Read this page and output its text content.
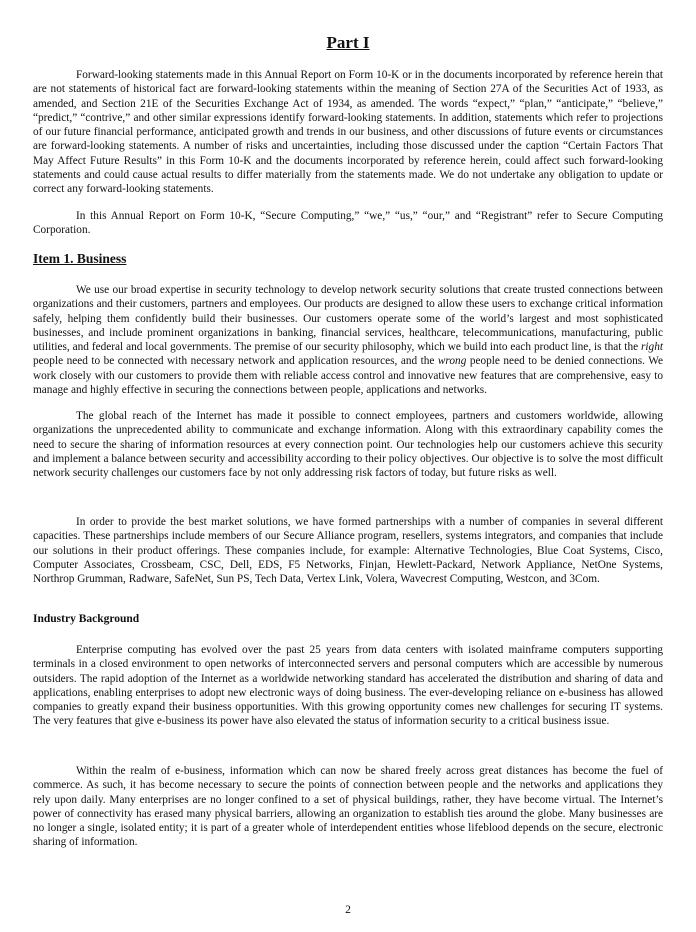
Part I

Forward-looking statements made in this Annual Report on Form 10-K or in the documents incorporated by reference herein that are not statements of historical fact are forward-looking statements within the meaning of Section 27A of the Securities Act of 1933, as amended, and Section 21E of the Securities Exchange Act of 1934, as amended. The words “expect,” “plan,” “anticipate,” “believe,” “predict,” “contrive,” and other similar expressions identify forward-looking statements. In addition, statements which refer to projections of our future financial performance, anticipated growth and trends in our business, and other discussions of future events or circumstances are forward-looking statements. A number of risks and uncertainties, including those discussed under the caption “Certain Factors That May Affect Future Results” in this Form 10-K and the documents incorporated by reference herein, could affect such forward-looking statements and could cause actual results to differ materially from the statements made. We do not undertake any obligation to update or correct any forward-looking statements.

In this Annual Report on Form 10-K, “Secure Computing,” “we,” “us,” “our,” and “Registrant” refer to Secure Computing Corporation.

Item 1. Business

We use our broad expertise in security technology to develop network security solutions that create trusted connections between organizations and their customers, partners and employees. Our products are designed to allow these users to exchange critical information safely, helping them confidently build their businesses. Our customers operate some of the world’s largest and most sophisticated businesses, and include prominent organizations in banking, financial services, healthcare, telecommunications, manufacturing, public utilities, and federal and local governments. The premise of our security philosophy, which we build into each product line, is that the right people need to be connected with necessary network and application resources, and the wrong people need to be denied connections. We work closely with our customers to provide them with reliable access control and innovative new features that are comprehensive, easy to manage and highly effective in securing the connections between people, applications and networks.

The global reach of the Internet has made it possible to connect employees, partners and customers worldwide, allowing organizations the unprecedented ability to communicate and exchange information. Along with this extraordinary capability comes the need to secure the sharing of information resources at every connection point. Our technologies help our customers achieve this security and implement a balance between security and accessibility according to their policy objectives. Our objective is to solve the most difficult network security challenges our customers face by not only addressing risk factors of today, but future risks as well.

In order to provide the best market solutions, we have formed partnerships with a number of companies in several different capacities. These partnerships include members of our Secure Alliance program, resellers, systems integrators, and companies that include our solutions in their product offerings. These companies include, for example: Alternative Technologies, Blue Coat Systems, Cisco, Computer Associates, Crossbeam, CSC, Dell, EDS, F5 Networks, Finjan, Hewlett-Packard, Network Appliance, NetOne Systems, Northrop Grumman, Radware, SafeNet, Sun PS, Tech Data, Vertex Link, Volera, Wavecrest Computing, Westcon, and 3Com.

Industry Background

Enterprise computing has evolved over the past 25 years from data centers with isolated mainframe computers supporting terminals in a closed environment to open networks of interconnected servers and personal computers which are accessible by numerous outsiders. The rapid adoption of the Internet as a worldwide networking standard has accelerated the distribution and sharing of data and applications, enabling enterprises to adopt new electronic ways of doing business. The ever-developing reliance on e-business has allowed companies to greatly expand their business opportunities. With this growing opportunity comes new challenges for securing IT systems. The very features that give e-business its power have also elevated the status of information security to a critical business issue.

Within the realm of e-business, information which can now be shared freely across great distances has become the fuel of commerce. As such, it has become necessary to secure the points of connection between people and the networks and applications they rely upon daily. Many enterprises are no longer confined to a set of physical buildings, rather, they have become virtual. The Internet’s power of connectivity has erased many physical barriers, allowing an organization to establish ties around the globe. Many businesses are no longer a single, isolated entity; it is part of a greater whole of interdependent entities whose lifeblood depends on the secure, electronic sharing of information.

2
